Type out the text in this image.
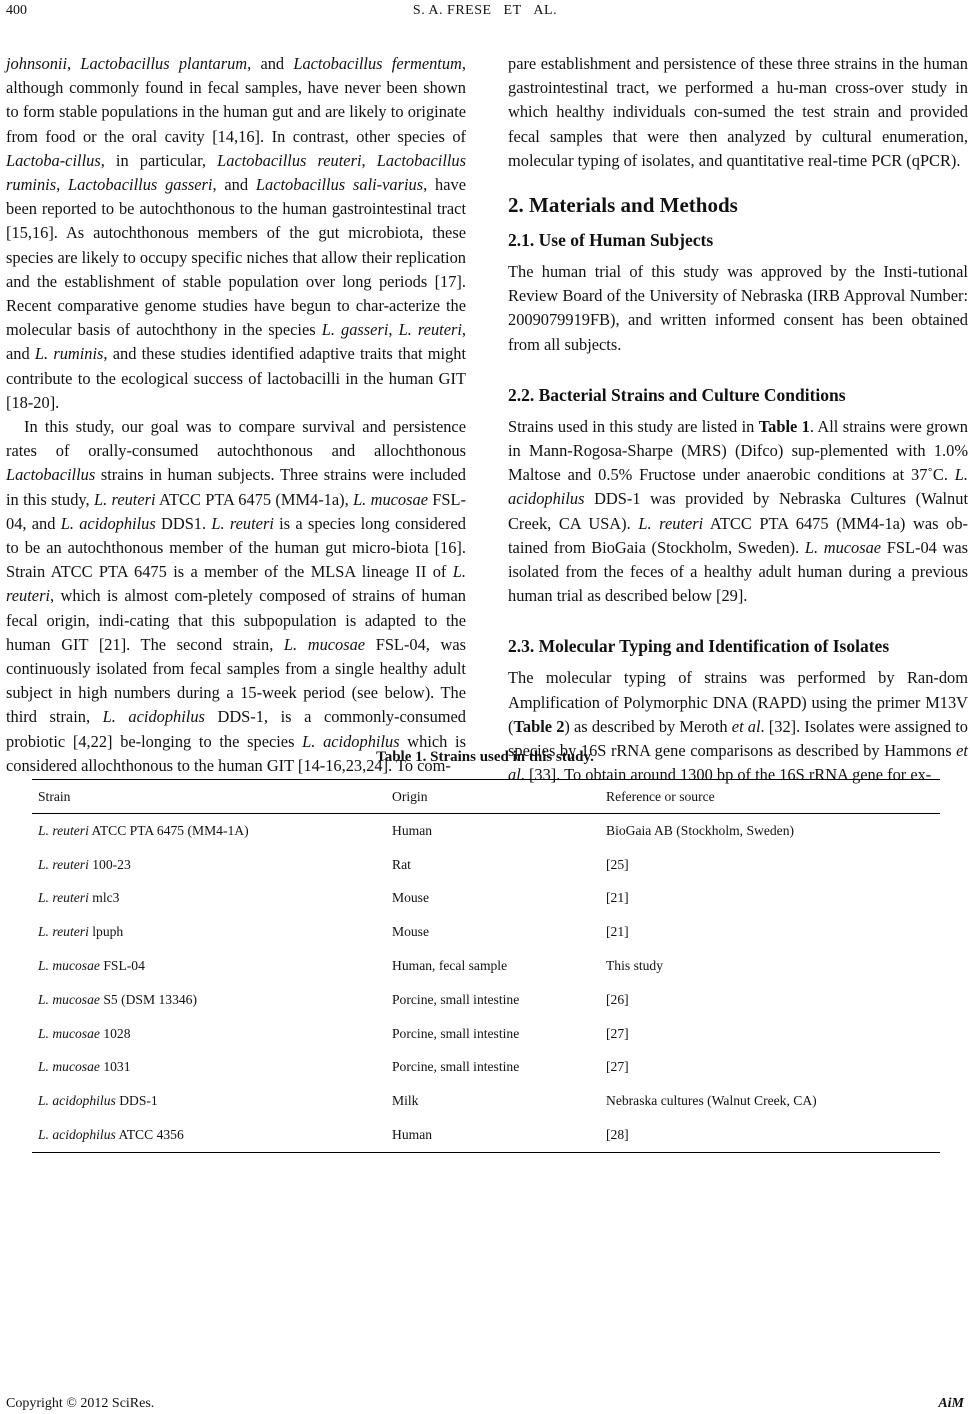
400	S. A. FRESE   ET   AL.

johnsonii, Lactobacillus plantarum, and Lactobacillus fermentum, although commonly found in fecal samples, have never been shown to form stable populations in the human gut and are likely to originate from food or the oral cavity [14,16]. In contrast, other species of Lactoba-cillus, in particular, Lactobacillus reuteri, Lactobacillus ruminis, Lactobacillus gasseri, and Lactobacillus sali-varius, have been reported to be autochthonous to the human gastrointestinal tract [15,16]. As autochthonous members of the gut microbiota, these species are likely to occupy specific niches that allow their replication and the establishment of stable population over long periods [17]. Recent comparative genome studies have begun to char-acterize the molecular basis of autochthony in the species L. gasseri, L. reuteri, and L. ruminis, and these studies identified adaptive traits that might contribute to the ecological success of lactobacilli in the human GIT [18-20].

In this study, our goal was to compare survival and persistence rates of orally-consumed autochthonous and allochthonous Lactobacillus strains in human subjects. Three strains were included in this study, L. reuteri ATCC PTA 6475 (MM4-1a), L. mucosae FSL-04, and L. acidophilus DDS1. L. reuteri is a species long considered to be an autochthonous member of the human gut micro-biota [16]. Strain ATCC PTA 6475 is a member of the MLSA lineage II of L. reuteri, which is almost com-pletely composed of strains of human fecal origin, indi-cating that this subpopulation is adapted to the human GIT [21]. The second strain, L. mucosae FSL-04, was continuously isolated from fecal samples from a single healthy adult subject in high numbers during a 15-week period (see below). The third strain, L. acidophilus DDS-1, is a commonly-consumed probiotic [4,22] be-longing to the species L. acidophilus which is considered allochthonous to the human GIT [14-16,23,24]. To com-

pare establishment and persistence of these three strains in the human gastrointestinal tract, we performed a hu-man cross-over study in which healthy individuals con-sumed the test strain and provided fecal samples that were then analyzed by cultural enumeration, molecular typing of isolates, and quantitative real-time PCR (qPCR).

2. Materials and Methods
2.1. Use of Human Subjects

The human trial of this study was approved by the Insti-tutional Review Board of the University of Nebraska (IRB Approval Number: 2009079919FB), and written informed consent has been obtained from all subjects.

2.2. Bacterial Strains and Culture Conditions

Strains used in this study are listed in Table 1. All strains were grown in Mann-Rogosa-Sharpe (MRS) (Difco) sup-plemented with 1.0% Maltose and 0.5% Fructose under anaerobic conditions at 37˚C. L. acidophilus DDS-1 was provided by Nebraska Cultures (Walnut Creek, CA USA). L. reuteri ATCC PTA 6475 (MM4-1a) was ob-tained from BioGaia (Stockholm, Sweden). L. mucosae FSL-04 was isolated from the feces of a healthy adult human during a previous human trial as described below [29].

2.3. Molecular Typing and Identification of Isolates

The molecular typing of strains was performed by Ran-dom Amplification of Polymorphic DNA (RAPD) using the primer M13V (Table 2) as described by Meroth et al. [32]. Isolates were assigned to species by 16S rRNA gene comparisons as described by Hammons et al. [33]. To obtain around 1300 bp of the 16S rRNA gene for ex-

Table 1. Strains used in this study.
Strain	Origin	Reference or source
L. reuteri ATCC PTA 6475 (MM4-1A)	Human	BioGaia AB (Stockholm, Sweden)
L. reuteri 100-23	Rat	[25]
L. reuteri mlc3	Mouse	[21]
L. reuteri lpuph	Mouse	[21]
L. mucosae FSL-04	Human, fecal sample	This study
L. mucosae S5 (DSM 13346)	Porcine, small intestine	[26]
L. mucosae 1028	Porcine, small intestine	[27]
L. mucosae 1031	Porcine, small intestine	[27]
L. acidophilus DDS-1	Milk	Nebraska cultures (Walnut Creek, CA)
L. acidophilus ATCC 4356	Human	[28]
Copyright © 2012 SciRes.	AiM
